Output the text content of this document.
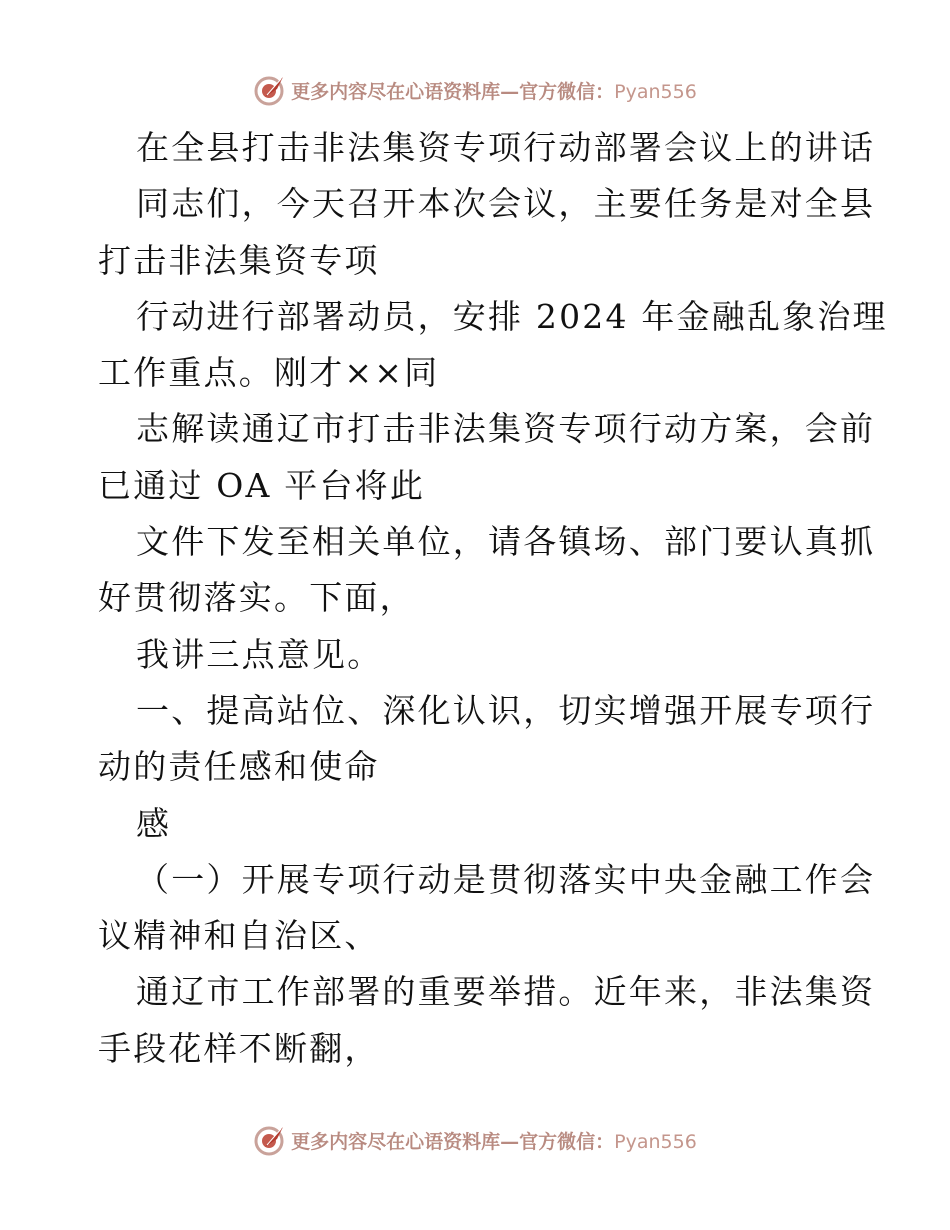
更多内容尽在心语资料库—官方微信：Pyan556

在全县打击非法集资专项行动部署会议上的讲话

同志们，今天召开本次会议，主要任务是对全县

打击非法集资专项

行动进行部署动员，安排 2024 年金融乱象治理

工作重点。刚才××同

志解读通辽市打击非法集资专项行动方案，会前

已通过 OA 平台将此

文件下发至相关单位，请各镇场、部门要认真抓

好贯彻落实。下面，

我讲三点意见。

一、提高站位、深化认识，切实增强开展专项行

动的责任感和使命

感

（一）开展专项行动是贯彻落实中央金融工作会

议精神和自治区、

通辽市工作部署的重要举措。近年来，非法集资

手段花样不断翻，

更多内容尽在心语资料库—官方微信：Pyan556
